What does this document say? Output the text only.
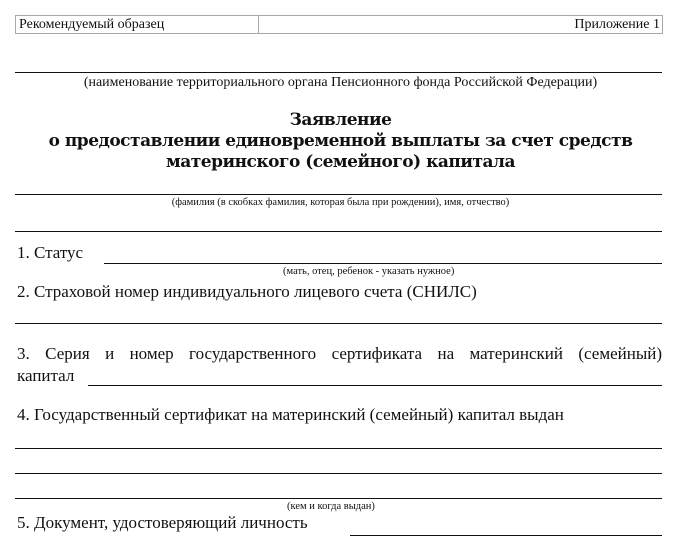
Рекомендуемый образец	Приложение 1
(наименование территориального органа Пенсионного фонда Российской Федерации)
Заявление
о предоставлении единовременной выплаты за счет средств
материнского (семейного) капитала
(фамилия (в скобках фамилия, которая была при рождении), имя, отчество)
1. Статус
(мать, отец, ребенок - указать нужное)
2. Страховой номер индивидуального лицевого счета (СНИЛС)
3. Серия и номер государственного сертификата на материнский (семейный)
капитал
4. Государственный сертификат на материнский (семейный) капитал выдан
(кем и когда выдан)
5. Документ, удостоверяющий личность
